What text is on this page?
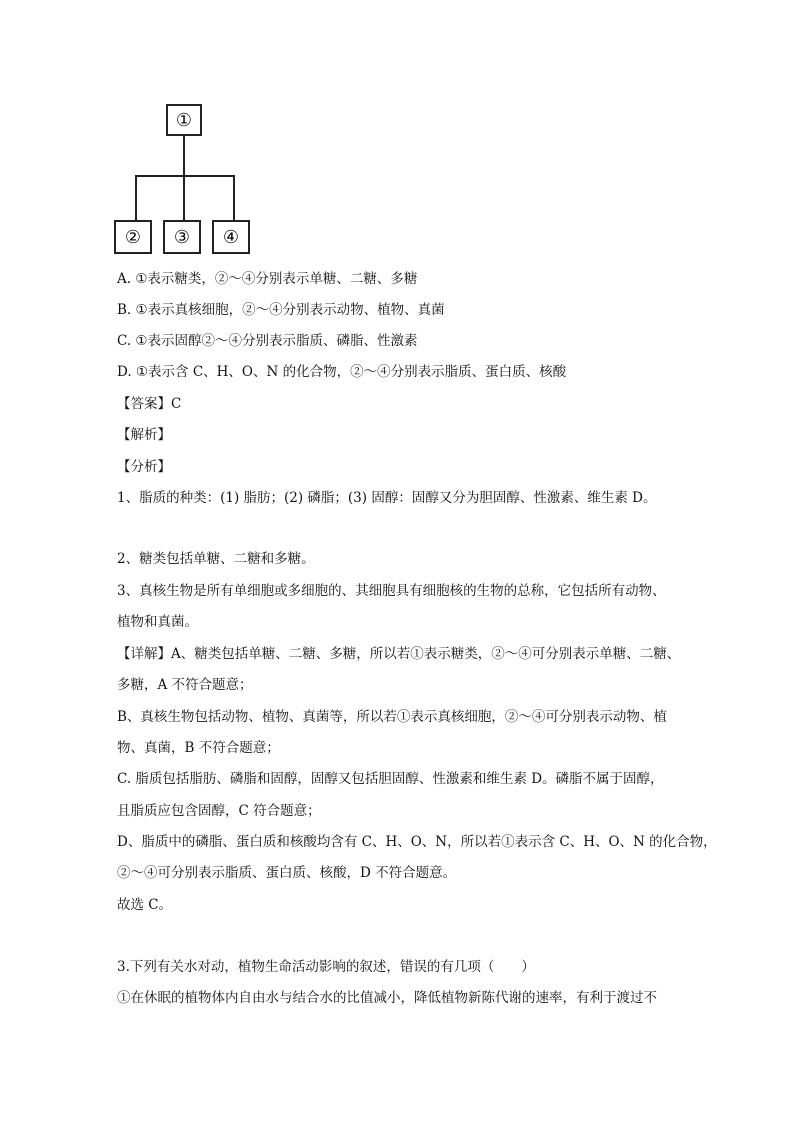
①
②	③	④
A. ①表示糖类，②～④分别表示单糖、二糖、多糖
B. ①表示真核细胞，②～④分别表示动物、植物、真菌
C. ①表示固醇②～④分别表示脂质、磷脂、性激素
D. ①表示含 C、H、O、N 的化合物，②～④分别表示脂质、蛋白质、核酸
【答案】C
【解析】
【分析】
1、脂质的种类：(1) 脂肪；(2) 磷脂；(3) 固醇：固醇又分为胆固醇、性激素、维生素 D。
2、糖类包括单糖、二糖和多糖。
3、真核生物是所有单细胞或多细胞的、其细胞具有细胞核的生物的总称，它包括所有动物、
植物和真菌。
【详解】A、糖类包括单糖、二糖、多糖，所以若①表示糖类，②～④可分别表示单糖、二糖、
多糖，A 不符合题意；
B、真核生物包括动物、植物、真菌等，所以若①表示真核细胞，②～④可分别表示动物、植
物、真菌，B 不符合题意；
C. 脂质包括脂肪、磷脂和固醇，固醇又包括胆固醇、性激素和维生素 D。磷脂不属于固醇，
且脂质应包含固醇，C 符合题意；
D、脂质中的磷脂、蛋白质和核酸均含有 C、H、O、N，所以若①表示含 C、H、O、N 的化合物，
②～④可分别表示脂质、蛋白质、核酸，D 不符合题意。
故选 C。
3.下列有关水对动，植物生命活动影响的叙述，错误的有几项（　　）
①在休眠的植物体内自由水与结合水的比值减小，降低植物新陈代谢的速率，有利于渡过不
